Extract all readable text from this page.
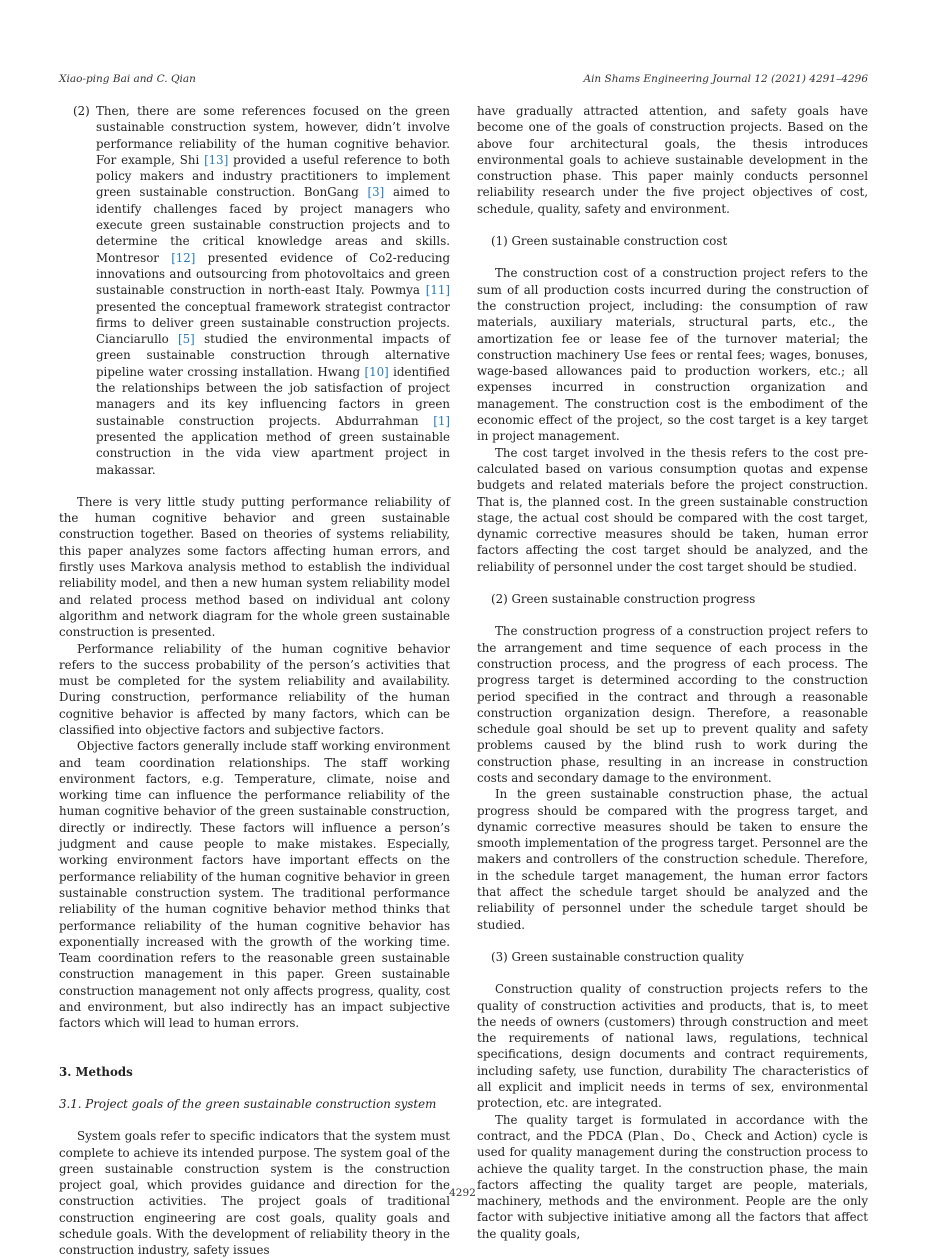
Xiao-ping Bai and C. Qian	Ain Shams Engineering Journal 12 (2021) 4291–4296
(2) Then, there are some references focused on the green sustainable construction system, however, didn’t involve performance reliability of the human cognitive behavior. For example, Shi [13] provided a useful reference to both policy makers and industry practitioners to implement green sustainable construction. BonGang [3] aimed to identify challenges faced by project managers who execute green sustainable construction projects and to determine the critical knowledge areas and skills. Montresor [12] presented evidence of Co2-reducing innovations and outsourcing from photovoltaics and green sustainable construction in north-east Italy. Powmya [11] presented the conceptual framework strategist contractor firms to deliver green sustainable construction projects. Cianciarullo [5] studied the environmental impacts of green sustainable construction through alternative pipeline water crossing installation. Hwang [10] identified the relationships between the job satisfaction of project managers and its key influencing factors in green sustainable construction projects. Abdurrahman [1] presented the application method of green sustainable construction in the vida view apartment project in makassar.

There is very little study putting performance reliability of the human cognitive behavior and green sustainable construction together. Based on theories of systems reliability, this paper analyzes some factors affecting human errors, and firstly uses Markova analysis method to establish the individual reliability model, and then a new human system reliability model and related process method based on individual ant colony algorithm and network diagram for the whole green sustainable construction is presented.

Performance reliability of the human cognitive behavior refers to the success probability of the person’s activities that must be completed for the system reliability and availability. During construction, performance reliability of the human cognitive behavior is affected by many factors, which can be classified into objective factors and subjective factors.

Objective factors generally include staff working environment and team coordination relationships. The staff working environment factors, e.g. Temperature, climate, noise and working time can influence the performance reliability of the human cognitive behavior of the green sustainable construction, directly or indirectly. These factors will influence a person’s judgment and cause people to make mistakes. Especially, working environment factors have important effects on the performance reliability of the human cognitive behavior in green sustainable construction system. The traditional performance reliability of the human cognitive behavior method thinks that performance reliability of the human cognitive behavior has exponentially increased with the growth of the working time. Team coordination refers to the reasonable green sustainable construction management in this paper. Green sustainable construction management not only affects progress, quality, cost and environment, but also indirectly has an impact subjective factors which will lead to human errors.

3. Methods
3.1. Project goals of the green sustainable construction system

System goals refer to specific indicators that the system must complete to achieve its intended purpose. The system goal of the green sustainable construction system is the construction project goal, which provides guidance and direction for the construction activities. The project goals of traditional construction engineering are cost goals, quality goals and schedule goals. With the development of reliability theory in the construction industry, safety issues

have gradually attracted attention, and safety goals have become one of the goals of construction projects. Based on the above four architectural goals, the thesis introduces environmental goals to achieve sustainable development in the construction phase. This paper mainly conducts personnel reliability research under the five project objectives of cost, schedule, quality, safety and environment.

(1) Green sustainable construction cost

The construction cost of a construction project refers to the sum of all production costs incurred during the construction of the construction project, including: the consumption of raw materials, auxiliary materials, structural parts, etc., the amortization fee or lease fee of the turnover material; the construction machinery Use fees or rental fees; wages, bonuses, wage-based allowances paid to production workers, etc.; all expenses incurred in construction organization and management. The construction cost is the embodiment of the economic effect of the project, so the cost target is a key target in project management.

The cost target involved in the thesis refers to the cost pre-calculated based on various consumption quotas and expense budgets and related materials before the project construction. That is, the planned cost. In the green sustainable construction stage, the actual cost should be compared with the cost target, dynamic corrective measures should be taken, human error factors affecting the cost target should be analyzed, and the reliability of personnel under the cost target should be studied.

(2) Green sustainable construction progress

The construction progress of a construction project refers to the arrangement and time sequence of each process in the construction process, and the progress of each process. The progress target is determined according to the construction period specified in the contract and through a reasonable construction organization design. Therefore, a reasonable schedule goal should be set up to prevent quality and safety problems caused by the blind rush to work during the construction phase, resulting in an increase in construction costs and secondary damage to the environment.

In the green sustainable construction phase, the actual progress should be compared with the progress target, and dynamic corrective measures should be taken to ensure the smooth implementation of the progress target. Personnel are the makers and controllers of the construction schedule. Therefore, in the schedule target management, the human error factors that affect the schedule target should be analyzed and the reliability of personnel under the schedule target should be studied.

(3) Green sustainable construction quality

Construction quality of construction projects refers to the quality of construction activities and products, that is, to meet the needs of owners (customers) through construction and meet the requirements of national laws, regulations, technical specifications, design documents and contract requirements, including safety, use function, durability The characteristics of all explicit and implicit needs in terms of sex, environmental protection, etc. are integrated.

The quality target is formulated in accordance with the contract, and the PDCA (Plan、Do、Check and Action) cycle is used for quality management during the construction process to achieve the quality target. In the construction phase, the main factors affecting the quality target are people, materials, machinery, methods and the environment. People are the only factor with subjective initiative among all the factors that affect the quality goals,

4292
